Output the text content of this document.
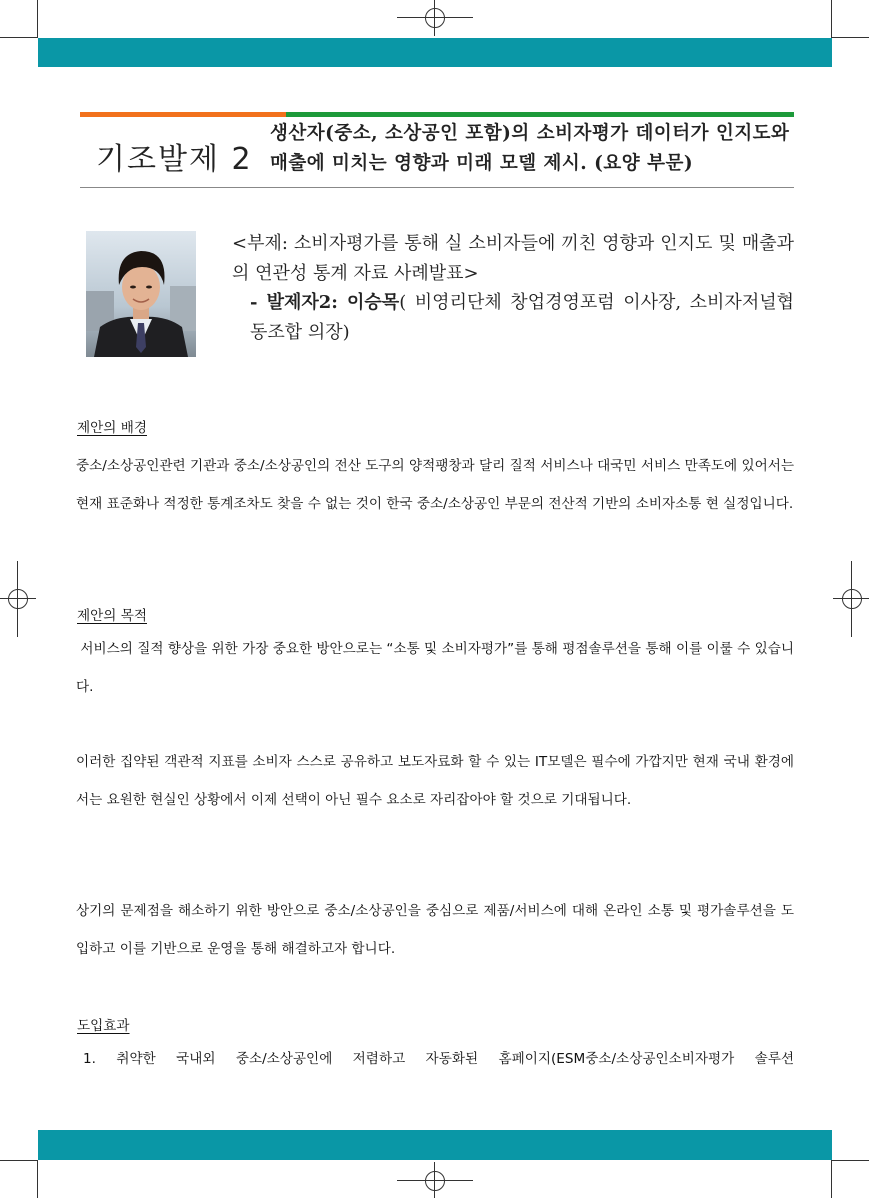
기조발제 2
생산자(중소, 소상공인 포함)의 소비자평가 데이터가 인지도와 매출에 미치는 영향과 미래 모델 제시. (요양 부문)
<부제: 소비자평가를 통해 실 소비자들에 끼친 영향과 인지도 및 매출과의 연관성 통계 자료 사례발표>
- 발제자2: 이승목( 비영리단체 창업경영포럼 이사장, 소비자저널협동조합 의장)
제안의 배경
중소/소상공인관련 기관과 중소/소상공인의 전산 도구의 양적팽창과 달리 질적 서비스나 대국민 서비스 만족도에 있어서는 현재 표준화나 적정한 통계조차도 찾을 수 없는 것이 한국 중소/소상공인 부문의 전산적 기반의 소비자소통 현 실정입니다.
제안의 목적
서비스의 질적 향상을 위한 가장 중요한 방안으로는 “소통 및 소비자평가”를 통해 평점솔루션을 통해 이를 이룰 수 있습니다.
이러한 집약된 객관적 지표를 소비자 스스로 공유하고 보도자료화 할 수 있는 IT모델은 필수에 가깝지만 현재 국내 환경에서는 요원한 현실인 상황에서 이제 선택이 아닌 필수 요소로 자리잡아야 할 것으로 기대됩니다.
상기의 문제점을 해소하기 위한 방안으로 중소/소상공인을 중심으로 제품/서비스에 대해 온라인 소통 및 평가솔루션을 도입하고 이를 기반으로 운영을 통해 해결하고자 합니다.
도입효과
1. 취약한 국내외 중소/소상공인에 저렴하고 자동화된 홈페이지(ESM중소/소상공인소비자평가 솔루션
